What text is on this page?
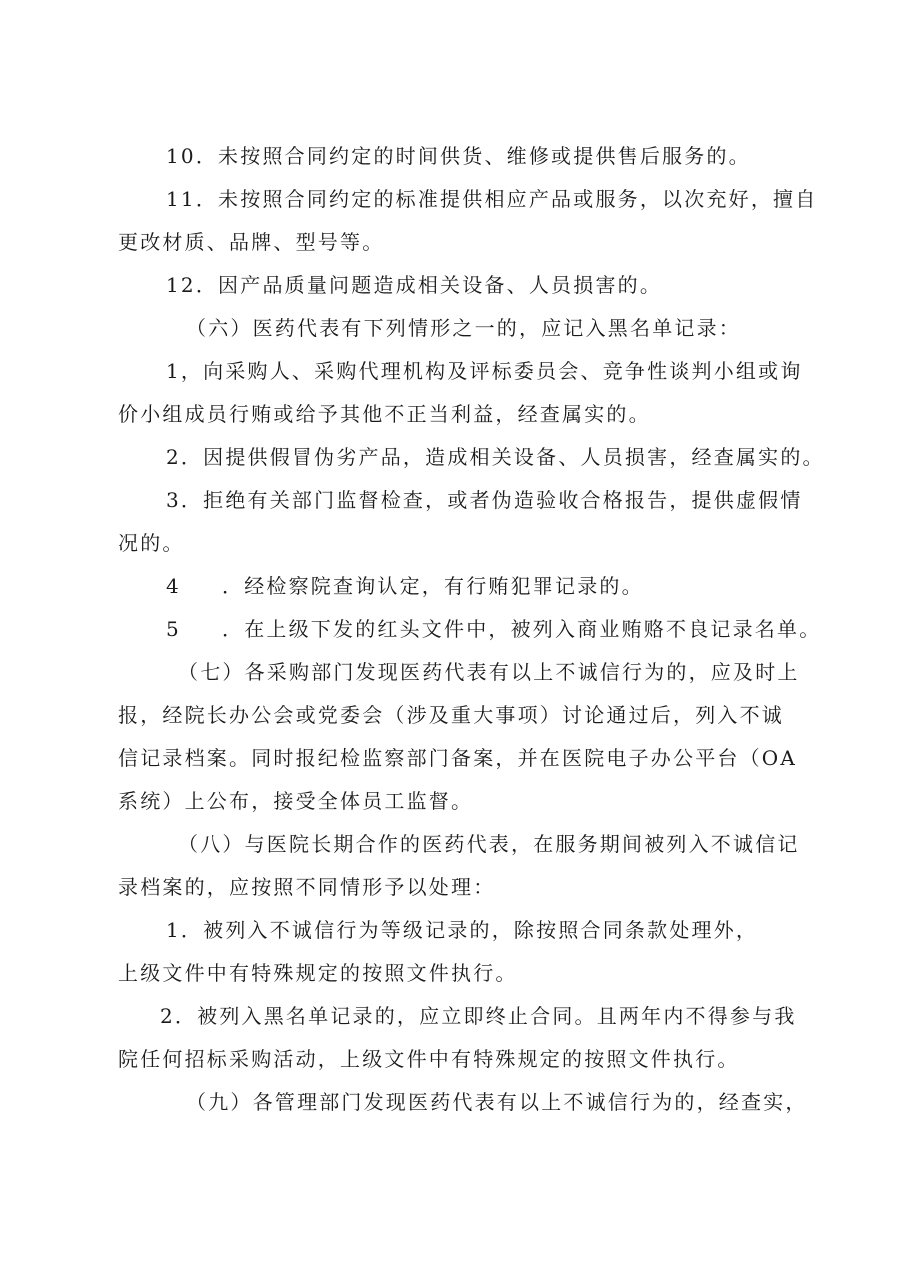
10．未按照合同约定的时间供货、维修或提供售后服务的。
11．未按照合同约定的标准提供相应产品或服务，以次充好，擅自
更改材质、品牌、型号等。
12．因产品质量问题造成相关设备、人员损害的。
（六）医药代表有下列情形之一的，应记入黑名单记录：
1，向采购人、采购代理机构及评标委员会、竞争性谈判小组或询
价小组成员行贿或给予其他不正当利益，经查属实的。
2．因提供假冒伪劣产品，造成相关设备、人员损害，经查属实的。
3．拒绝有关部门监督检查，或者伪造验收合格报告，提供虚假情
况的。
4 ．经检察院查询认定，有行贿犯罪记录的。
5 ．在上级下发的红头文件中，被列入商业贿赂不良记录名单。
（七）各采购部门发现医药代表有以上不诚信行为的，应及时上
报，经院长办公会或党委会（涉及重大事项）讨论通过后，列入不诚
信记录档案。同时报纪检监察部门备案，并在医院电子办公平台（OA
系统）上公布，接受全体员工监督。
（八）与医院长期合作的医药代表，在服务期间被列入不诚信记
录档案的，应按照不同情形予以处理：
1．被列入不诚信行为等级记录的，除按照合同条款处理外，
上级文件中有特殊规定的按照文件执行。
2．被列入黑名单记录的，应立即终止合同。且两年内不得参与我
院任何招标采购活动，上级文件中有特殊规定的按照文件执行。
（九）各管理部门发现医药代表有以上不诚信行为的，经查实，
